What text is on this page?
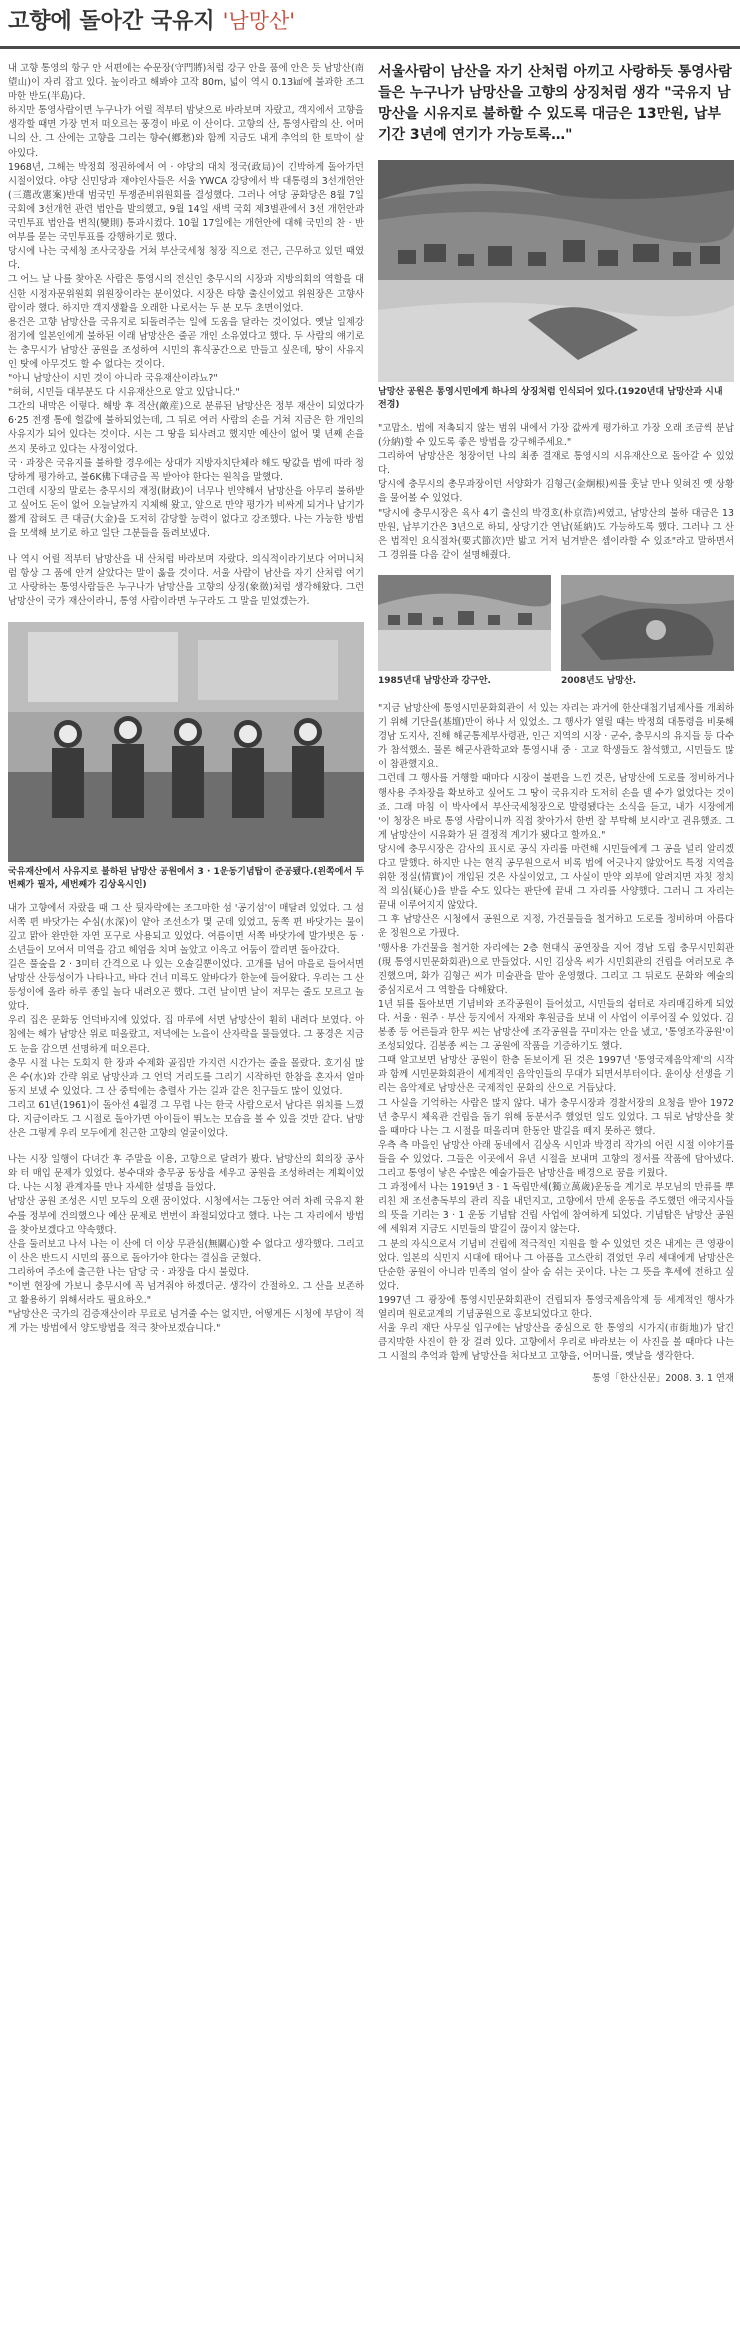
고향에 돌아간 국유지 '남망산'

내 고향 통영의 항구 안 서편에는 수문장(守門將)처럼 강구 안을 품에 안은 듯 남망산(南望山)이 자리 잡고 있다. 높이라고 해봐야 고작 80m, 넓이 역시 0.13㎢에 불과한 조그마한 반도(半島)다.

하지만 통영사람이면 누구나가 어릴 적부터 밤낮으로 바라보며 자랐고, 객지에서 고향을 생각할 때면 가장 먼저 떠오르는 풍경이 바로 이 산이다. 고향의 산, 통영사람의 산. 어머니의 산. 그 산에는 고향을 그리는 향수(鄕愁)와 함께 지금도 내게 추억의 한 토막이 살아있다.

1968년, 그해는 박정희 정권하에서 여 · 야당의 대치 정국(政局)이 긴박하게 돌아가던 시절이었다. 야당 신민당과 재야인사들은 서울 YWCA 강당에서 박 대통령의 3선개헌안(三選改憲案)반대 범국민 투쟁준비위원회를 결성했다. 그러나 여당 공화당은 8월 7일 국회에 3선개헌 관련 법안을 발의했고, 9월 14일 새벽 국회 제3별관에서 3선 개헌안과 국민투표 법안을 변칙(變則) 통과시켰다. 10월 17일에는 개헌안에 대해 국민의 찬 · 반 여부를 묻는 국민투표를 강행하기로 했다.

당시에 나는 국세청 조사국장을 거쳐 부산국세청 청장 직으로 전근, 근무하고 있던 때였다.

그 어느 날 나를 찾아온 사람은 통영시의 전신인 충무시의 시장과 지방의회의 역할을 대신한 시정자문위원회 위원장이라는 분이었다. 시장은 타향 출신이었고 위원장은 고향사람이라 했다. 하지만 객지생활을 오래한 나로서는 두 분 모두 초면이었다.

용건은 고향 남망산을 국유지로 되돌려주는 일에 도움을 달라는 것이었다. 옛날 일제강점기에 일본인에게 불하된 이래 남망산은 줄곧 개인 소유였다고 했다. 두 사람의 얘기로는 충무시가 남망산 공원을 조성하여 시민의 휴식공간으로 만들고 싶은데, 땅이 사유지인 탓에 아무것도 할 수 없다는 것이다.

"아니 남망산이 시민 것이 아니라 국유재산이라뇨?"

"허허, 시민들 대부분도 다 시유재산으로 알고 있답니다."

그간의 내막은 이렇다. 해방 후 적산(敵産)으로 분류된 남망산은 정부 재산이 되었다가 6·25 전쟁 통에 헐값에 불하되었는데, 그 뒤로 여러 사람의 손을 거쳐 지금은 한 개인의 사유지가 되어 있다는 것이다. 시는 그 땅을 되사려고 했지만 예산이 없어 몇 년째 손을 쓰지 못하고 있다는 사정이었다.

국 · 과장은 국유지를 불하할 경우에는 상대가 지방자치단체라 해도 땅값을 법에 따라 정당하게 평가하고, 불6K佛下대금을 꼭 받아야 한다는 원칙을 말했다.

그런데 시장의 말로는 충무시의 재정(財政)이 너무나 빈약해서 남망산을 아무리 불하받고 싶어도 돈이 없어 오늘날까지 지체해 왔고, 앞으로 만약 평가가 비싸게 되거나 납기가 짧게 잡혀도 큰 대금(大金)을 도저히 감당할 능력이 없다고 강조했다. 나는 가능한 방법을 모색해 보기로 하고 일단 그분들을 돌려보냈다.

나 역시 어릴 적부터 남망산을 내 산처럼 바라보며 자랐다. 의식적이라기보다 어머니처럼 항상 그 품에 안겨 살았다는 말이 옳을 것이다. 서울 사람이 남산을 자기 산처럼 여기고 사랑하는 통영사람들은 누구나가 남망산을 고향의 상징(象徵)처럼 생각해왔다. 그런 남망산이 국가 재산이라니, 통영 사람이라면 누구라도 그 말을 믿었겠는가.

국유재산에서 사유지로 불하된 남망산 공원에서 3 · 1운동기념탑이 준공됐다.(왼쪽에서 두번째가 필자, 세번째가 김상옥시인)

내가 고향에서 자랐을 때 그 산 뒷자락에는 조그마한 섬 '공기섬'이 매달려 있었다. 그 섬 서쪽 편 바닷가는 수심(水深)이 얕아 조선소가 몇 군데 있었고, 동쪽 편 바닷가는 물이 깊고 맑아 완만한 자연 포구로 사용되고 있었다. 여름이면 서쪽 바닷가에 발가벗은 동 · 소년들이 모여서 미역을 감고 헤엄을 치며 놀았고 이윽고 어둠이 깔리면 돌아갔다.

길은 풀숲을 2 · 3미터 간격으로 나 있는 오솔길뿐이었다. 고개를 넘어 마을로 들어서면 남망산 산등성이가 나타나고, 바다 건너 미륵도 앞바다가 한눈에 들어왔다. 우리는 그 산등성이에 올라 하루 종일 놀다 내려오곤 했다. 그런 날이면 날이 저무는 줄도 모르고 놀았다.

우리 집은 문화동 언덕바지에 있었다. 집 마루에 서면 남망산이 훤히 내려다 보였다. 아침에는 해가 남망산 위로 떠올랐고, 저녁에는 노을이 산자락을 물들였다. 그 풍경은 지금도 눈을 감으면 선명하게 떠오른다.

충무 시절 나는 도회지 한 장과 수제화 골집만 가지런 시간가는 줄을 몰랐다. 호기심 많은 수(水)와 간략 위로 남망산과 그 언덕 거리도를 그리기 시작하던 한참을 혼자서 얼마동지 보냈 수 있었다. 그 산 중턱에는 충렬사 가는 길과 같은 친구들도 많이 있었다.

그리고 61년(1961)이 돌아선 4월경 그 무렵 나는 한국 사람으로서 남다른 위치를 느꼈다. 지금이라도 그 시절로 돌아가면 아이들이 뛰노는 모습을 볼 수 있을 것만 같다. 남망산은 그렇게 우리 모두에게 친근한 고향의 얼굴이었다.

나는 시장 일행이 다녀간 후 주말을 이용, 고향으로 달려가 봤다. 남망산의 회의장 공사와 터 매입 문제가 있었다. 봉수대와 충무공 동상을 세우고 공원을 조성하려는 계획이었다. 나는 시청 관계자를 만나 자세한 설명을 들었다.

남망산 공원 조성은 시민 모두의 오랜 꿈이었다. 시청에서는 그동안 여러 차례 국유지 환수를 정부에 건의했으나 예산 문제로 번번이 좌절되었다고 했다. 나는 그 자리에서 방법을 찾아보겠다고 약속했다.

산을 둘러보고 나서 나는 이 산에 더 이상 무관심(無關心)할 수 없다고 생각했다. 그리고 이 산은 반드시 시민의 품으로 돌아가야 한다는 결심을 굳혔다.

그리하여 주소에 출근한 나는 담당 국 · 과장을 다시 불렀다.

"이번 현장에 가보니 충무시에 꼭 넘겨줘야 하겠더군. 생각이 간절하오. 그 산을 보존하고 활용하기 위해서라도 필요하오."

"남망산은 국가의 검증재산이라 무료로 넘겨줄 수는 없지만, 어떻게든 시청에 부담이 적게 가는 방법에서 양도방법을 적극 찾아보겠습니다."

서울사람이 남산을 자기 산처럼 아끼고 사랑하듯 통영사람들은 누구나가 남망산을 고향의 상징처럼 생각 "국유지 남망산을 시유지로 불하할 수 있도록 대금은 13만원, 납부기간 3년에 연기가 가능토록…"

남망산 공원은 통영시민에게 하나의 상징처럼 인식되어 있다.(1920년대 남망산과 시내 전경)

"고맙소. 법에 저촉되지 않는 범위 내에서 가장 값싸게 평가하고 가장 오래 조금씩 분납(分納)할 수 있도록 좋은 방법을 강구해주세요."

그리하여 남망산은 청장이던 나의 최종 결재로 통영시의 시유재산으로 돌아갈 수 있었다.

당시에 충무시의 총무과장이던 서양화가 김형근(金炯根)씨를 훗날 만나 잊혀진 옛 상황을 물어볼 수 있었다.

"당시에 충무시장은 육사 4기 출신의 박경호(朴京浩)씨였고, 남망산의 불하 대금은 13만원, 납부기간은 3년으로 하되, 상당기간 연납(延納)도 가능하도록 했다. 그러나 그 산은 법적인 요식절차(要式節次)만 밟고 거저 넘겨받은 셈이라할 수 있죠"라고 말하면서 그 경위를 다음 같이 설명해줬다.

1985년대 남망산과 강구안.	2008년도 남망산.

"지금 남망산에 통영시민문화회관이 서 있는 자리는 과거에 한산대첩기념제사를 개최하기 위해 기단을(基壇)만이 하나 서 있었소. 그 행사가 열릴 때는 박정희 대통령을 비롯해 경남 도지사, 진해 해군통제부사령관, 인근 지역의 시장 · 군수, 충무시의 유지들 등 다수가 참석했소. 물론 해군사관학교와 통영시내 중 · 고교 학생들도 참석했고, 시민들도 많이 참관했지요.

그런데 그 행사를 거행할 때마다 시장이 불편을 느낀 것은, 남망산에 도로를 정비하거나 행사용 주차장을 확보하고 싶어도 그 땅이 국유지라 도저히 손을 댈 수가 없었다는 것이죠. 그래 마침 이 박사에서 부산국세청장으로 발령됐다는 소식을 듣고, 내가 시장에게 '이 청장은 바로 통영 사람이니까 직접 찾아가서 한번 잘 부탁해 보시라'고 권유했죠. 그게 남망산이 시유화가 된 결정적 계기가 됐다고 할까요."

당시에 충무시장은 감사의 표시로 공식 자리를 마련해 시민들에게 그 공을 널리 알리겠다고 말했다. 하지만 나는 현직 공무원으로서 비록 법에 어긋나지 않았어도 특정 지역을 위한 정실(情實)이 개입된 것은 사실이었고, 그 사실이 만약 외부에 알려지면 자칫 정치적 의심(疑心)을 받을 수도 있다는 판단에 끝내 그 자리를 사양했다. 그러니 그 자리는 끝내 이루어지지 않았다.

그 후 남망산은 시청에서 공원으로 지정, 가건물들을 철거하고 도로를 정비하며 아름다운 정원으로 가꿨다.

'행사용 가건물을 철거한 자리에는 2층 현대식 공연장을 지어 경남 도립 충무시민회관(現 통영시민문화회관)으로 만들었다. 시인 김상옥 씨가 시민회관의 건립을 여러모로 추진했으며, 화가 김형근 씨가 미술관을 맡아 운영했다. 그리고 그 뒤로도 문화와 예술의 중심지로서 그 역할을 다해왔다.

1년 뒤를 돌아보면 기념비와 조각공원이 들어섰고, 시민들의 쉼터로 자리매김하게 되었다. 서울 · 원주 · 부산 등지에서 자재와 후원금을 보내 이 사업이 이루어질 수 있었다. 김봉종 등 어른들과 한무 씨는 남망산에 조각공원을 꾸미자는 안을 냈고, '통영조각공원'이 조성되었다. 김봉종 씨는 그 공원에 작품을 기증하기도 했다.

그때 알고보면 남망산 공원이 한층 돋보이게 된 것은 1997년 '통영국제음악제'의 시작과 함께 시민문화회관이 세계적인 음악인들의 무대가 되면서부터이다. 윤이상 선생을 기리는 음악제로 남망산은 국제적인 문화의 산으로 거듭났다.

그 사실을 기억하는 사람은 많지 않다. 내가 충무시장과 경찰서장의 요청을 받아 1972년 충무시 체육관 건립을 돕기 위해 동분서주 했었던 일도 있었다. 그 뒤로 남망산을 찾을 때마다 나는 그 시절을 떠올리며 한동안 발길을 떼지 못하곤 했다.

우측 측 마을인 남망산 아래 동네에서 김상옥 시인과 박경리 작가의 어린 시절 이야기를 들을 수 있었다. 그들은 이곳에서 유년 시절을 보내며 고향의 정서를 작품에 담아냈다. 그리고 통영이 낳은 수많은 예술가들은 남망산을 배경으로 꿈을 키웠다.

그 과정에서 나는 1919년 3 · 1 독립만세(獨立萬歲)운동을 계기로 부모님의 만류를 뿌리친 채 조선총독부의 관리 직을 내던지고, 고향에서 만세 운동을 주도했던 애국지사들의 뜻을 기리는 3 · 1 운동 기념탑 건립 사업에 참여하게 되었다. 기념탑은 남망산 공원에 세워져 지금도 시민들의 발길이 끊이지 않는다.

그 분의 자식으로서 기념비 건립에 적극적인 지원을 할 수 있었던 것은 내게는 큰 영광이었다. 일본의 식민지 시대에 태어나 그 아픔을 고스란히 겪었던 우리 세대에게 남망산은 단순한 공원이 아니라 민족의 얼이 살아 숨 쉬는 곳이다. 나는 그 뜻을 후세에 전하고 싶었다.

1997년 그 광장에 통영시민문화회관이 건립되자 통영국제음악제 등 세계적인 행사가 열리며 원로교계의 기념공원으로 홍보되었다고 한다.

서울 우리 재단 사무실 입구에는 남망산을 중심으로 한 통영의 시가지(市街地)가 담긴 큼지막한 사진이 한 장 걸려 있다. 고향에서 우리로 바라보는 이 사진을 볼 때마다 나는 그 시절의 추억과 함께 남망산을 처다보고 고향을, 어머니를, 옛날을 생각한다.

통영「한산신문」2008. 3. 1 연재
